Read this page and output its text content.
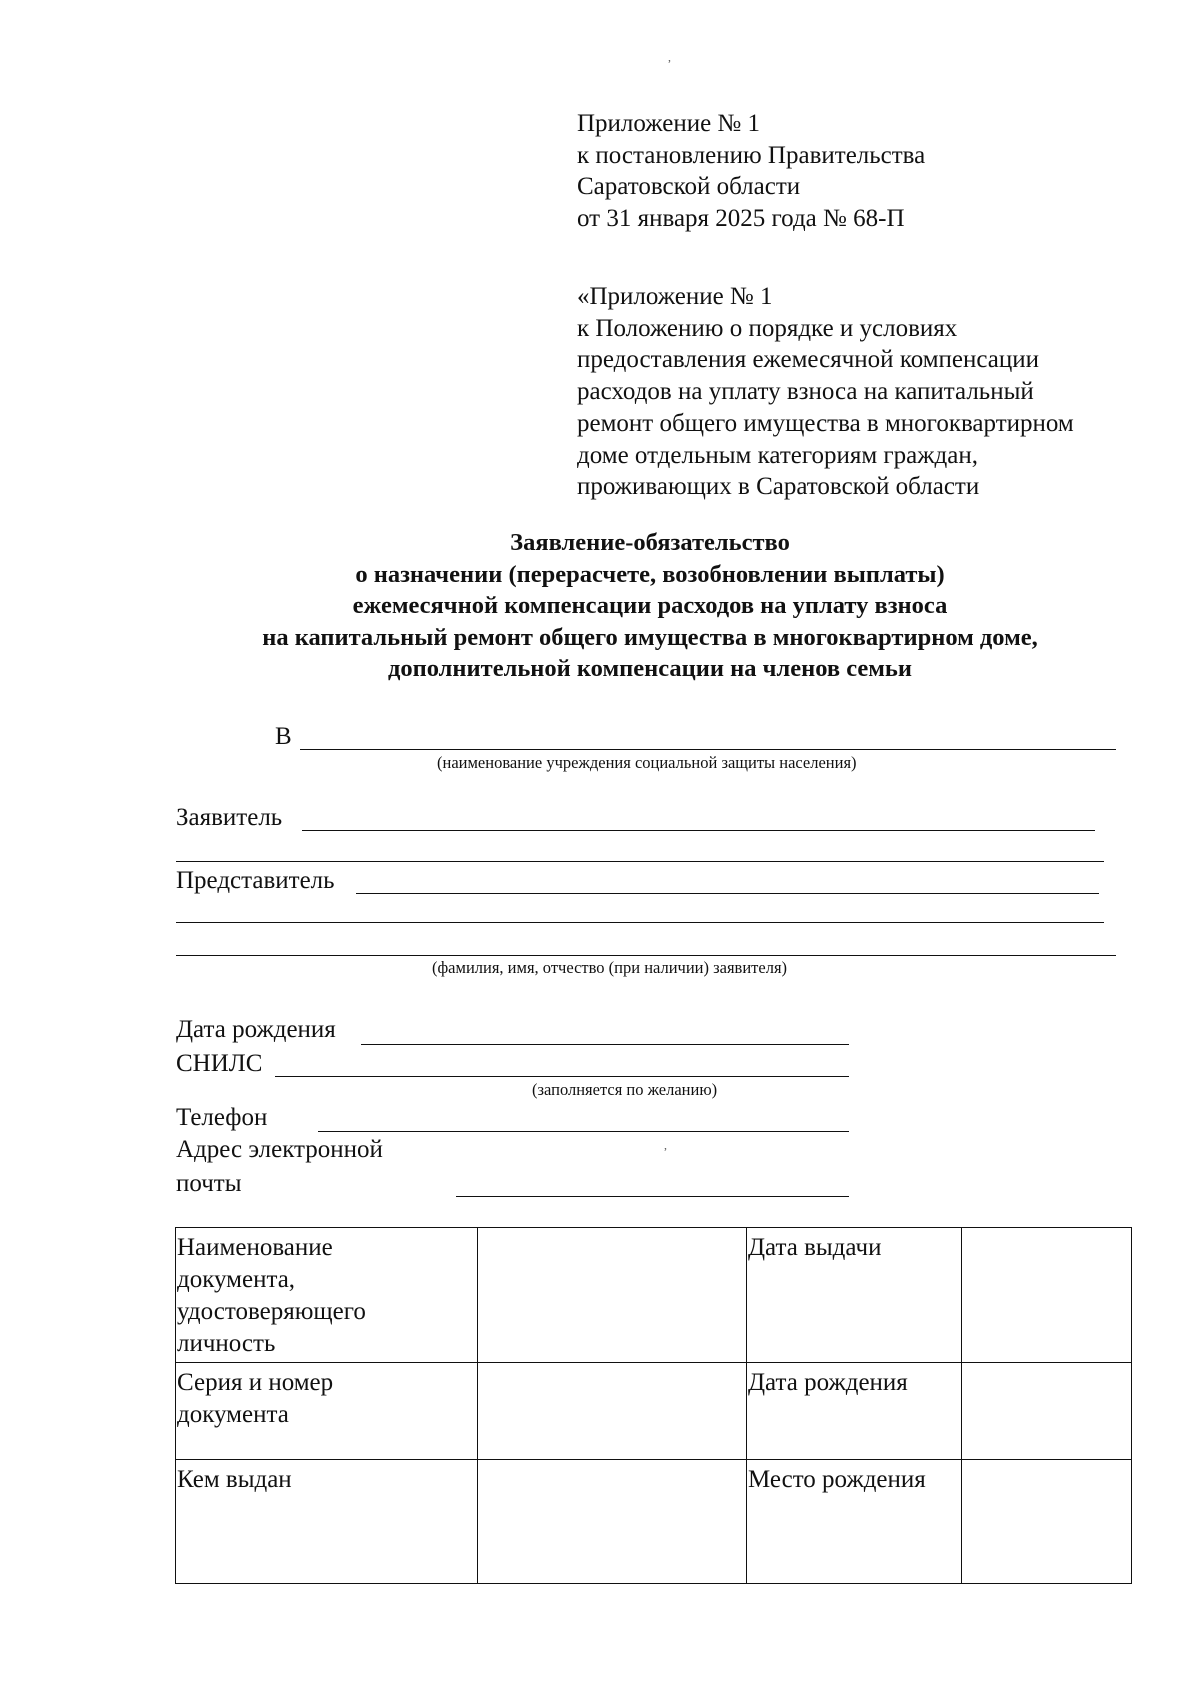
,
,
Приложение № 1
к постановлению Правительства
Саратовской области
от 31 января 2025 года № 68-П
«Приложение № 1
к Положению о порядке и условиях
предоставления ежемесячной компенсации
расходов на уплату взноса на капитальный
ремонт общего имущества в многоквартирном
доме отдельным категориям граждан,
проживающих в Саратовской области
Заявление-обязательство
о назначении (перерасчете, возобновлении выплаты)
ежемесячной компенсации расходов на уплату взноса
на капитальный ремонт общего имущества в многоквартирном доме,
дополнительной компенсации на членов семьи
В
(наименование учреждения социальной защиты населения)
Заявитель
Представитель
(фамилия, имя, отчество (при наличии) заявителя)
Дата рождения
СНИЛС
(заполняется по желанию)
Телефон
Адрес электронной
почты
Наименование
документа,
удостоверяющего
личность		Дата выдачи	

Серия и номер
документа		Дата рождения	
Кем выдан		Место рождения	
